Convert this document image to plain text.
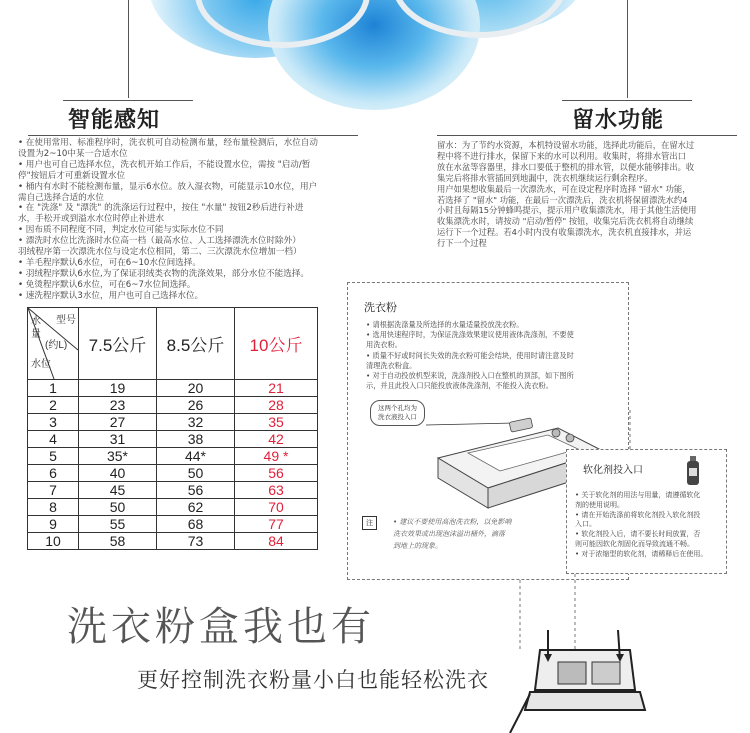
智能感知
• 在使用常用、标准程序时，洗衣机可自动检测布量，经布量检测后，水位自动
设置为2~10中某一合适水位
• 用户也可自己选择水位，洗衣机开始工作后，不能设置水位，需按 "启动/暂
停"按钮后才可重新设置水位
• 桶内有水时不能检测布量，显示6水位。放入湿衣物，可能显示10水位，用户
需自己选择合适的水位
• 在 "洗涤" 及 "漂洗" 的洗涤运行过程中，按住 "水量" 按钮2秒后进行补进
水，手松开或到溢水水位时停止补进水
• 因布质不同程度不同，判定水位可能与实际水位不同
• 漂洗时水位比洗涤时水位高一档（最高水位、人工选择漂洗水位时除外）
羽绒程序第一次漂洗水位与设定水位相同，第二、三次漂洗水位增加一档）
• 羊毛程序默认6水位，可在6~10水位间选择。
• 羽绒程序默认6水位,为了保证羽绒类衣物的洗涤效果，部分水位不能选择。
• 免烫程序默认6水位，可在6~7水位间选择。
• 速洗程序默认3水位，用户也可自己选择水位。
留水功能
留水：为了节约水资源，本机特设留水功能，选择此功能后，在留水过
程中将不进行排水，保留下来的水可以利用。收集时，将排水管出口
放在水盆等容器里，排水口要低于整机的排水管，以便水能够排出。收
集完后将排水管插回到地漏中，洗衣机继续运行剩余程序。
用户如果想收集最后一次漂洗水，可在设定程序时选择 "留水" 功能，
若选择了 "留水" 功能，在最后一次漂洗后，洗衣机将保留漂洗水约4
小时且每隔15分钟蜂鸣提示，提示用户收集漂洗水，用于其他生活使用
收集漂洗水时，请按动 "启动/暂停" 按钮，收集完后洗衣机将自动继续
运行下一个过程。若4小时内没有收集漂洗水，洗衣机直接排水，并运
行下一个过程
型号
水
量
(约L)
水位	7.5公斤	8.5公斤	10公斤
1	19	20	21
2	23	26	28
3	27	32	35
4	31	38	42
5	35*	44*	49 *
6	40	50	56
7	45	56	63
8	50	62	70
9	55	68	77
10	58	73	84
洗衣粉
• 请根据洗涤量及所选择的水量适量投放洗衣粉。
• 选用快速程序时，为保证洗涤效果建议使用液体洗涤剂，不要使
用洗衣粉。
• 质量不好或时间长失效的洗衣粉可能会结块，使用时请注意及时
清理洗衣粉盒。
• 对于自动投放机型来说，洗涤剂投入口在整机的顶部，如下图所
示，并且此投入口只能投放液体洗涤剂，不能投入洗衣粉。
这两个孔均为
洗衣液投入口
注	• 建议不要使用高泡洗衣粉，以免影响
洗衣效果或出现泡沫溢出桶外，滴落
到地上的现象。
软化剂投入口
• 关于软化剂的用法与用量，请遵循软化
剂的使用说明。
• 请在开始洗涤前将软化剂投入软化剂投
入口。
• 软化剂投入后，请不要长时间放置，否
则可能因软化剂固化而导致流通不畅。
• 对于浓缩型的软化剂，请稀释后在使用。
洗衣粉盒我也有
更好控制洗衣粉量小白也能轻松洗衣
